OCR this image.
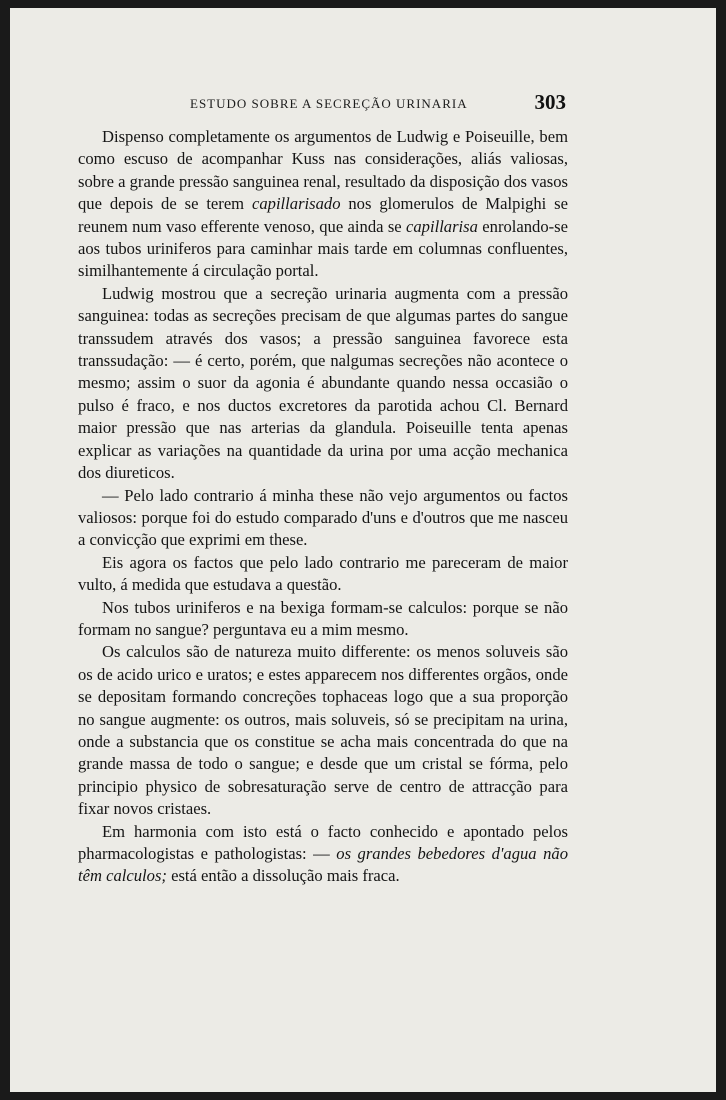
ESTUDO SOBRE A SECREÇÃO URINARIA	303

Dispenso completamente os argumentos de Ludwig e Poiseuille, bem como escuso de acompanhar Kuss nas considerações, aliás valiosas, sobre a grande pressão sanguinea renal, resultado da disposição dos vasos que depois de se terem capillarisado nos glomerulos de Malpighi se reunem num vaso efferente venoso, que ainda se capillarisa enrolando-se aos tubos uriniferos para caminhar mais tarde em columnas confluentes, similhantemente á circulação portal.

Ludwig mostrou que a secreção urinaria augmenta com a pressão sanguinea: todas as secreções precisam de que algumas partes do sangue transsudem através dos vasos; a pressão sanguinea favorece esta transsudação: — é certo, porém, que nalgumas secreções não acontece o mesmo; assim o suor da agonia é abundante quando nessa occasião o pulso é fraco, e nos ductos excretores da parotida achou Cl. Bernard maior pressão que nas arterias da glandula. Poiseuille tenta apenas explicar as variações na quantidade da urina por uma acção mechanica dos diureticos.

— Pelo lado contrario á minha these não vejo argumentos ou factos valiosos: porque foi do estudo comparado d'uns e d'outros que me nasceu a convicção que exprimi em these.

Eis agora os factos que pelo lado contrario me pareceram de maior vulto, á medida que estudava a questão.

Nos tubos uriniferos e na bexiga formam-se calculos: porque se não formam no sangue? perguntava eu a mim mesmo.

Os calculos são de natureza muito differente: os menos soluveis são os de acido urico e uratos; e estes apparecem nos differentes orgãos, onde se depositam formando concreções tophaceas logo que a sua proporção no sangue augmente: os outros, mais soluveis, só se precipitam na urina, onde a substancia que os constitue se acha mais concentrada do que na grande massa de todo o sangue; e desde que um cristal se fórma, pelo principio physico de sobresaturação serve de centro de attracção para fixar novos cristaes.

Em harmonia com isto está o facto conhecido e apontado pelos pharmacologistas e pathologistas: — os grandes bebedores d'agua não têm calculos; está então a dissolução mais fraca.
